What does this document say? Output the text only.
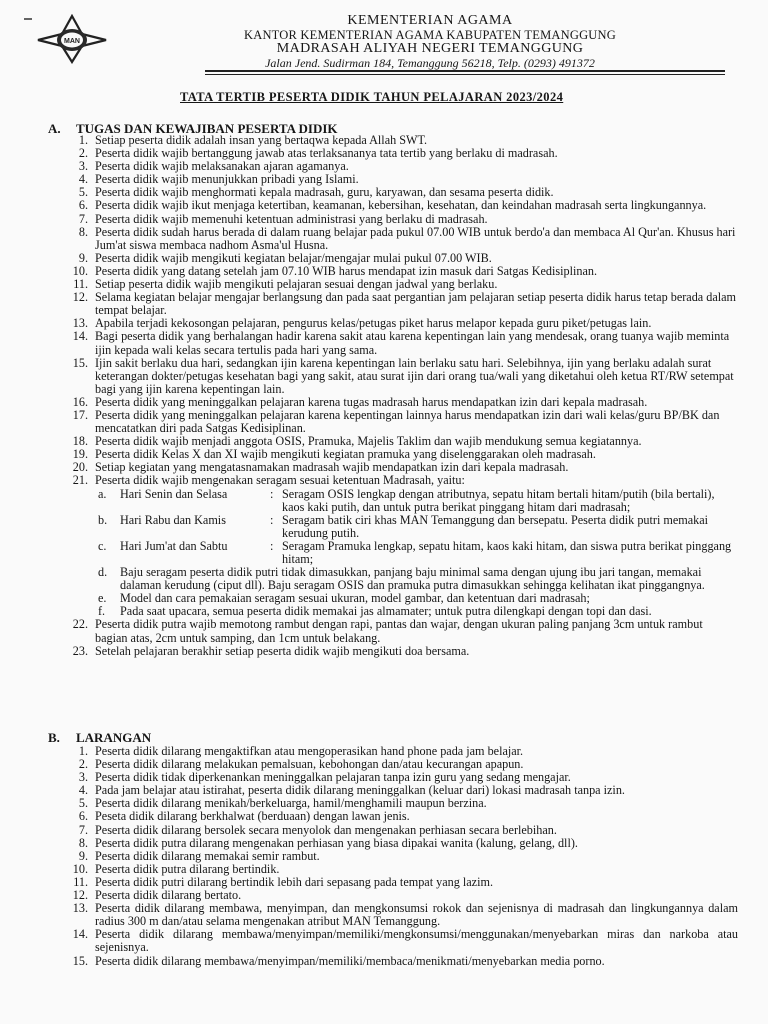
MAN
KEMENTERIAN AGAMA
KANTOR KEMENTERIAN AGAMA KABUPATEN TEMANGGUNG
MADRASAH ALIYAH NEGERI TEMANGGUNG
Jalan Jend. Sudirman 184, Temanggung 56218, Telp. (0293) 491372
TATA TERTIB PESERTA DIDIK TAHUN PELAJARAN 2023/2024
A. TUGAS DAN KEWAJIBAN PESERTA DIDIK
1. Setiap peserta didik adalah insan yang bertaqwa kepada Allah SWT.
2. Peserta didik wajib bertanggung jawab atas terlaksananya tata tertib yang berlaku di madrasah.
3. Peserta didik wajib melaksanakan ajaran agamanya.
4. Peserta didik wajib menunjukkan pribadi yang Islami.
5. Peserta didik wajib menghormati kepala madrasah, guru, karyawan, dan sesama peserta didik.
6. Peserta didik wajib ikut menjaga ketertiban, keamanan, kebersihan, kesehatan, dan keindahan madrasah serta lingkungannya.
7. Peserta didik wajib memenuhi ketentuan administrasi yang berlaku di madrasah.
8. Peserta didik sudah harus berada di dalam ruang belajar pada pukul 07.00 WIB untuk berdo'a dan membaca Al Qur'an. Khusus hari Jum'at siswa membaca nadhom Asma'ul Husna.
9. Peserta didik wajib mengikuti kegiatan belajar/mengajar mulai pukul 07.00 WIB.
10. Peserta didik yang datang setelah jam 07.10 WIB harus mendapat izin masuk dari Satgas Kedisiplinan.
11. Setiap peserta didik wajib mengikuti pelajaran sesuai dengan jadwal yang berlaku.
12. Selama kegiatan belajar mengajar berlangsung dan pada saat pergantian jam pelajaran setiap peserta didik harus tetap berada dalam tempat belajar.
13. Apabila terjadi kekosongan pelajaran, pengurus kelas/petugas piket harus melapor kepada guru piket/petugas lain.
14. Bagi peserta didik yang berhalangan hadir karena sakit atau karena kepentingan lain yang mendesak, orang tuanya wajib meminta ijin kepada wali kelas secara tertulis pada hari yang sama.
15. Ijin sakit berlaku dua hari, sedangkan ijin karena kepentingan lain berlaku satu hari. Selebihnya, ijin yang berlaku adalah surat keterangan dokter/petugas kesehatan bagi yang sakit, atau surat ijin dari orang tua/wali yang diketahui oleh ketua RT/RW setempat bagi yang ijin karena kepentingan lain.
16. Peserta didik yang meninggalkan pelajaran karena tugas madrasah harus mendapatkan izin dari kepala madrasah.
17. Peserta didik yang meninggalkan pelajaran karena kepentingan lainnya harus mendapatkan izin dari wali kelas/guru BP/BK dan mencatatkan diri pada Satgas Kedisiplinan.
18. Peserta didik wajib menjadi anggota OSIS, Pramuka, Majelis Taklim dan wajib mendukung semua kegiatannya.
19. Peserta didik Kelas X dan XI wajib mengikuti kegiatan pramuka yang diselenggarakan oleh madrasah.
20. Setiap kegiatan yang mengatasnamakan madrasah wajib mendapatkan izin dari kepala madrasah.
21. Peserta didik wajib mengenakan seragam sesuai ketentuan Madrasah, yaitu:
a. Hari Senin dan Selasa	: Seragam OSIS lengkap dengan atributnya, sepatu hitam bertali hitam/putih (bila bertali), kaos kaki putih, dan untuk putra berikat pinggang hitam dari madrasah;
b. Hari Rabu dan Kamis	: Seragam batik ciri khas MAN Temanggung dan bersepatu. Peserta didik putri memakai kerudung putih.
c. Hari Jum'at dan Sabtu	: Seragam Pramuka lengkap, sepatu hitam, kaos kaki hitam, dan siswa putra berikat pinggang hitam;
d. Baju seragam peserta didik putri tidak dimasukkan, panjang baju minimal sama dengan ujung ibu jari tangan, memakai dalaman kerudung (ciput dll). Baju seragam OSIS dan pramuka putra dimasukkan sehingga kelihatan ikat pinggangnya.
e. Model dan cara pemakaian seragam sesuai ukuran, model gambar, dan ketentuan dari madrasah;
f. Pada saat upacara, semua peserta didik memakai jas almamater; untuk putra dilengkapi dengan topi dan dasi.
22. Peserta didik putra wajib memotong rambut dengan rapi, pantas dan wajar, dengan ukuran paling panjang 3cm untuk rambut bagian atas, 2cm untuk samping, dan 1cm untuk belakang.
23. Setelah pelajaran berakhir setiap peserta didik wajib mengikuti doa bersama.
B. LARANGAN
1. Peserta didik dilarang mengaktifkan atau mengoperasikan hand phone pada jam belajar.
2. Peserta didik dilarang melakukan pemalsuan, kebohongan dan/atau kecurangan apapun.
3. Peserta didik tidak diperkenankan meninggalkan pelajaran tanpa izin guru yang sedang mengajar.
4. Pada jam belajar atau istirahat, peserta didik dilarang meninggalkan (keluar dari) lokasi madrasah tanpa izin.
5. Peserta didik dilarang menikah/berkeluarga, hamil/menghamili maupun berzina.
6. Peseta didik dilarang berkhalwat (berduaan) dengan lawan jenis.
7. Peserta didik dilarang bersolek secara menyolok dan mengenakan perhiasan secara berlebihan.
8. Peserta didik putra dilarang mengenakan perhiasan yang biasa dipakai wanita (kalung, gelang, dll).
9. Peserta didik dilarang memakai semir rambut.
10. Peserta didik putra dilarang bertindik.
11. Peserta didik putri dilarang bertindik lebih dari sepasang pada tempat yang lazim.
12. Peserta didik dilarang bertato.
13. Peserta didik dilarang membawa, menyimpan, dan mengkonsumsi rokok dan sejenisnya di madrasah dan lingkungannya dalam radius 300 m dan/atau selama mengenakan atribut MAN Temanggung.
14. Peserta didik dilarang membawa/menyimpan/memiliki/mengkonsumsi/menggunakan/menyebarkan miras dan narkoba atau sejenisnya.
15. Peserta didik dilarang membawa/menyimpan/memiliki/membaca/menikmati/menyebarkan media porno.
